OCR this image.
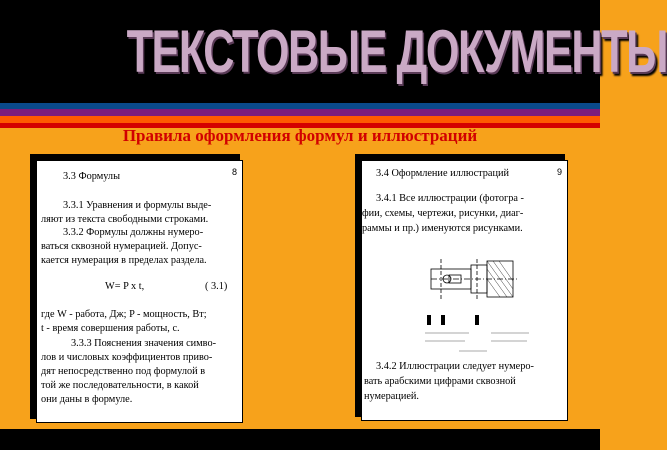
ТЕКСТОВЫЕ ДОКУМЕНТЫ
Правила оформления формул и иллюстраций
8
3.3 Формулы
3.3.1 Уравнения и формулы выде-
ляют из текста свободными строками.
3.3.2 Формулы должны нумеро-
ваться сквозной нумерацией. Допус-
кается нумерация в пределах раздела.
W= P x t,	( 3.1)
где W - работа, Дж; P - мощность, Вт;
t - время совершения работы, с.
3.3.3 Пояснения значения симво-
лов и числовых коэффициентов приво-
дят непосредственно под формулой в
той же последовательности, в какой
они даны в формуле.
9
3.4 Оформление иллюстраций
3.4.1 Все иллюстрации (фотогра -
фии, схемы, чертежи, рисунки, диаг-
раммы и пр.) именуются рисунками.
3.4.2 Иллюстрации следует нумеро-
вать арабскими цифрами сквозной
нумерацией.
